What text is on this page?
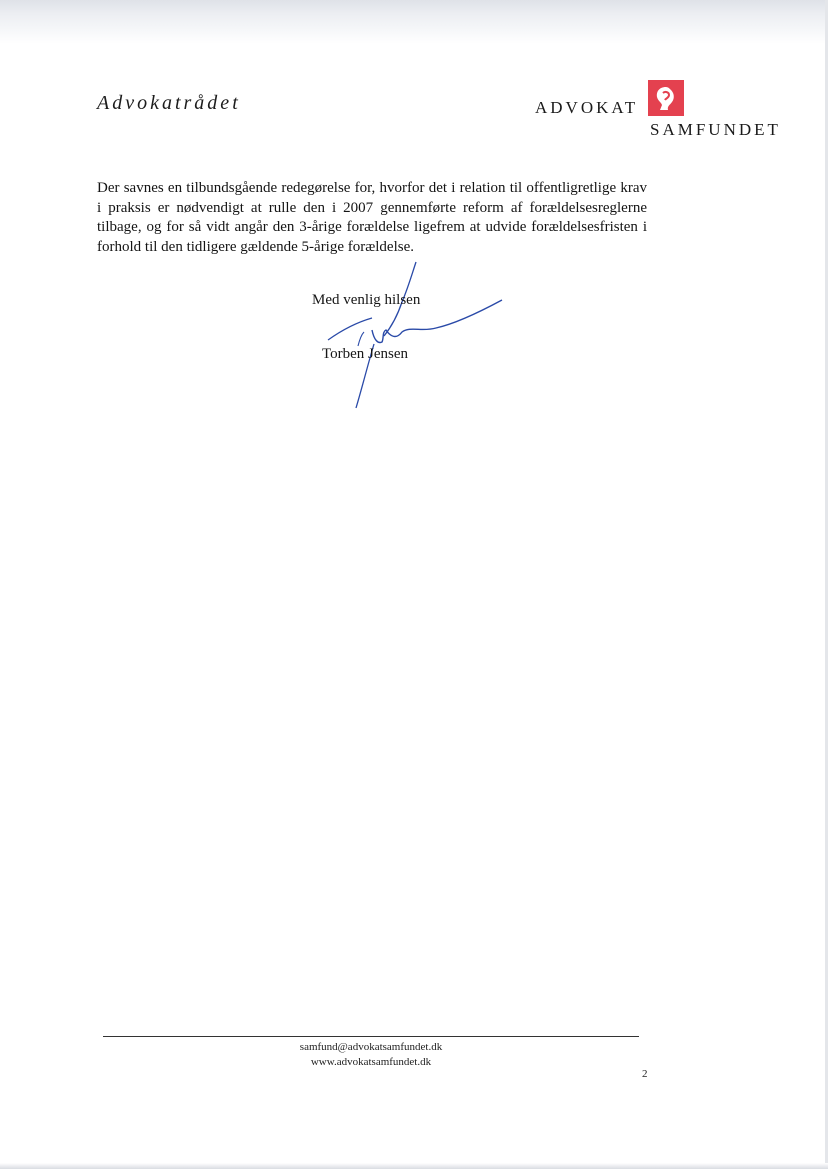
Advokatrådet	ADVOKAT
SAMFUNDET
Der savnes en tilbundsgående redegørelse for, hvorfor det i relation til offentligretlige krav i praksis er nødvendigt at rulle den i 2007 gennemførte reform af forældelsesreglerne tilbage, og for så vidt angår den 3-årige forældelse ligefrem at udvide forældelsesfristen i forhold til den tidligere gældende 5-årige forældelse.
Med venlig hilsen
Torben Jensen
samfund@advokatsamfundet.dk
www.advokatsamfundet.dk
2
